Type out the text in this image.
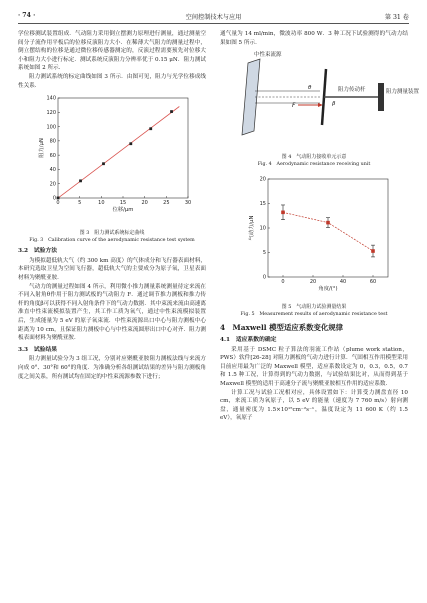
· 74 ·	空间控制技术与应用	第 31 卷

学位移测试装置组成．气动阻力采用倒立摆测力原理进行测量，通过测量空间分子流作用平板后的位移反演阻力大小．在稀薄大气阻力的测量过程中，倒立摆结构的位移是通过微位移传感器测定的，反演过程需要预先对位移大小和阻力大小进行标定．测试系统反演阻力分辨率优于 0.15 μN．阻力测试系统如图 2 所示．

阻力测试系统的标定曲线如图 3 所示．由图可见，阻力与光学位移成线性关系．

0	5	10	15	20	25	30
0
20
40
60
80
100
120
140
位移/μm
阻力/μN
图 3　阻力测试系统标定曲线
Fig. 3　Calibration curve of the aerodynamic resistance test system
3.2　试验方法

为模拟超低轨大气（约 300 km 高度）的气体成分和飞行器表面材料，本研究选取卫星为空间飞行器，超低轨大气的主要成分为原子氧，卫星表面材料为聚酰亚胺．

气动力的测量过程如图 4 所示，利用微小推力测量系统测量待定来流在不同入射角θ作用于阻力测试板的气动阻力 F．通过调节推力测板和推力传杆的角度β可以获得不同入射角条件下的气动力数据．其中束流来流由高速离准直中性束流模拟装置产生，其工作工质为氧气，通过中性束流模拟装置后，生成能量为 5 eV 的原子氧束流．中性束流源出口中心与阻力测板中心距离为 10 cm，且保证阻力测板中心与中性束流圆形出口中心对齐．阻力测板表面材料为聚酰亚胺．

3.3　试验结果

阻力测量试验分为 3 组工况，分别对应聚酰亚胺阻力测板法线与来流方向成 0°、30°和 60°的角度．为准确分析各组测试结果的差异与阻力测板角度之间关系，所有测试均在固定的中性束流源参数下进行；

通气量为 14 ml/min，微波功率 800 W．3 种工况下试验测得的气动力结果如图 5 所示．

中性束流源
F
θ	阻力传动杆
β
阻力测量装置
图 4　气动阻力接收单元示意
Fig. 4　Aerodynamic resistance receiving unit
0	20	40	60
0
5
10
15
20
角度/(°)
气动力/μN
图 5　气动阻力试验测量结果
Fig. 5　Measurement results of aerodynamic resistance test
4　Maxwell 模型适应系数变化规律
4.1　适应系数的确定

采用基于 DSMC 粒子算法的羽流工作站（plume work station，PWS）软件[26-28] 对阻力测板的气动力进行计算．气固相互作用模型采用目前应用最为广泛的 Maxwell 模型，适应系数设定为 0，0.3，0.5，0.7 和 1.5 种工况，计算得到的气动力数据，与试验结果比对，从而得到基于 Maxwell 模型的适用于高速分子流与聚酰亚胺相互作用的适应系数．

计算工况与试验工况相对应，具体设置如下：计算受力测盘直径 10 cm，来流工质为氧原子，以 5 eV 的能量（速度为 7 760 m/s）射向测盘，通量密度为 1.5×10¹⁵cm⁻²s⁻¹，温度设定为 11 600 K（约 1.5 eV），氧原子
